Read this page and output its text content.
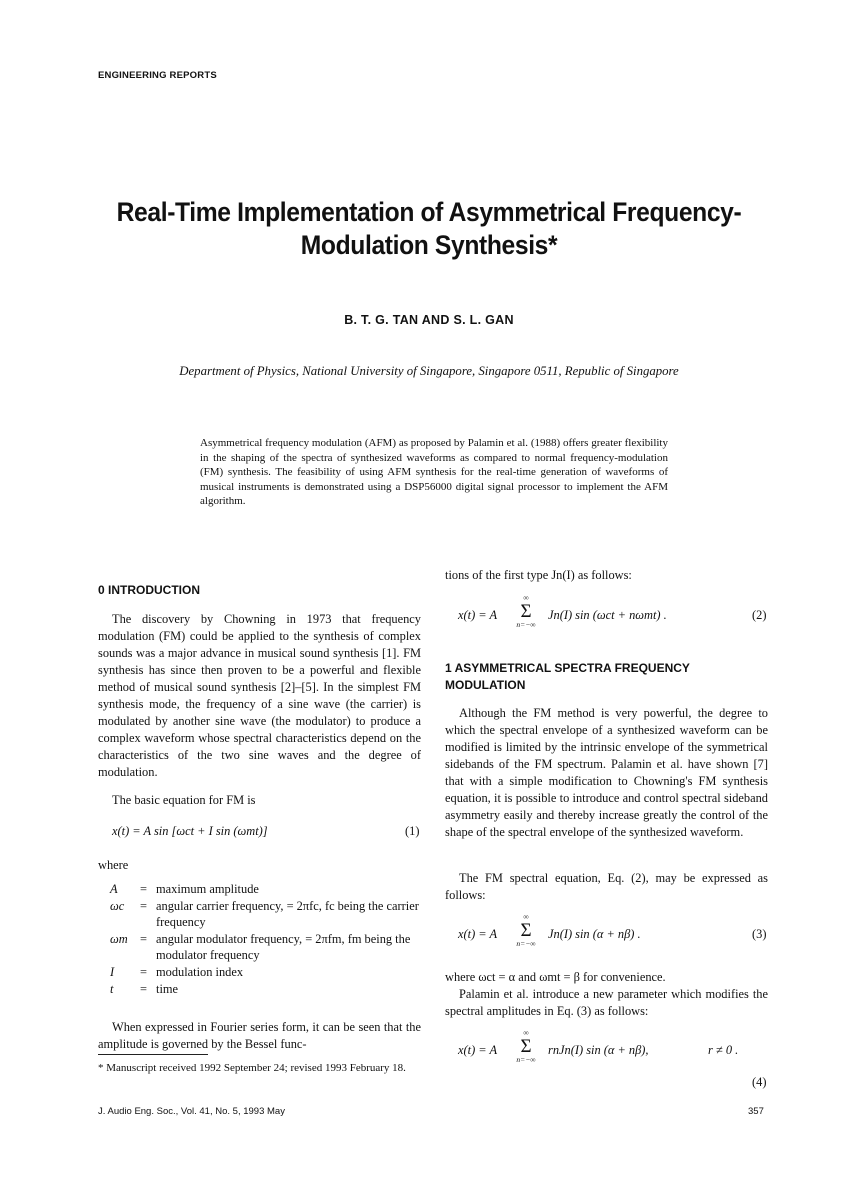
ENGINEERING REPORTS
Real-Time Implementation of Asymmetrical Frequency-
Modulation Synthesis*
B. T. G. TAN AND S. L. GAN
Department of Physics, National University of Singapore, Singapore 0511, Republic of Singapore
Asymmetrical frequency modulation (AFM) as proposed by Palamin et al. (1988) offers greater flexibility in the shaping of the spectra of synthesized waveforms as compared to normal frequency-modulation (FM) synthesis. The feasibility of using AFM synthesis for the real-time generation of waveforms of musical instruments is demonstrated using a DSP56000 digital signal processor to implement the AFM algorithm.
0 INTRODUCTION

The discovery by Chowning in 1973 that frequency modulation (FM) could be applied to the synthesis of complex sounds was a major advance in musical sound synthesis [1]. FM synthesis has since then proven to be a powerful and flexible method of musical sound synthesis [2]–[5]. In the simplest FM synthesis mode, the frequency of a sine wave (the carrier) is modulated by another sine wave (the modulator) to produce a complex waveform whose spectral characteristics depend on the characteristics of the two sine waves and the degree of modulation.

The basic equation for FM is

x(t) = A sin [ωct + I sin (ωmt)]	(1)
where
A	=	maximum amplitude
ωc	=	angular carrier frequency, = 2πfc, fc being the carrier frequency
ωm	=	angular modulator frequency, = 2πfm, fm being the modulator frequency
I	=	modulation index
t	=	time

When expressed in Fourier series form, it can be seen that the amplitude is governed by the Bessel func-

* Manuscript received 1992 September 24; revised 1993 February 18.
tions of the first type Jn(I) as follows:
x(t) = A
∞
Σ
n=−∞
Jn(I) sin (ωct + nωmt) .	(2)
1 ASYMMETRICAL SPECTRA FREQUENCY MODULATION

Although the FM method is very powerful, the degree to which the spectral envelope of a synthesized waveform can be modified is limited by the intrinsic envelope of the symmetrical sidebands of the FM spectrum. Palamin et al. have shown [7] that with a simple modification to Chowning's FM synthesis equation, it is possible to introduce and control spectral sideband asymmetry easily and thereby increase greatly the control of the shape of the spectral envelope of the synthesized waveform.

The FM spectral equation, Eq. (2), may be expressed as follows:

x(t) = A
∞
Σ
n=−∞
Jn(I) sin (α + nβ) .	(3)
where ωct = α and ωmt = β for convenience.

Palamin et al. introduce a new parameter which modifies the spectral amplitudes in Eq. (3) as follows:

x(t) = A
∞
Σ
n=−∞
rnJn(I) sin (α + nβ),	r ≠ 0 .
(4)
J. Audio Eng. Soc., Vol. 41, No. 5, 1993 May	357
